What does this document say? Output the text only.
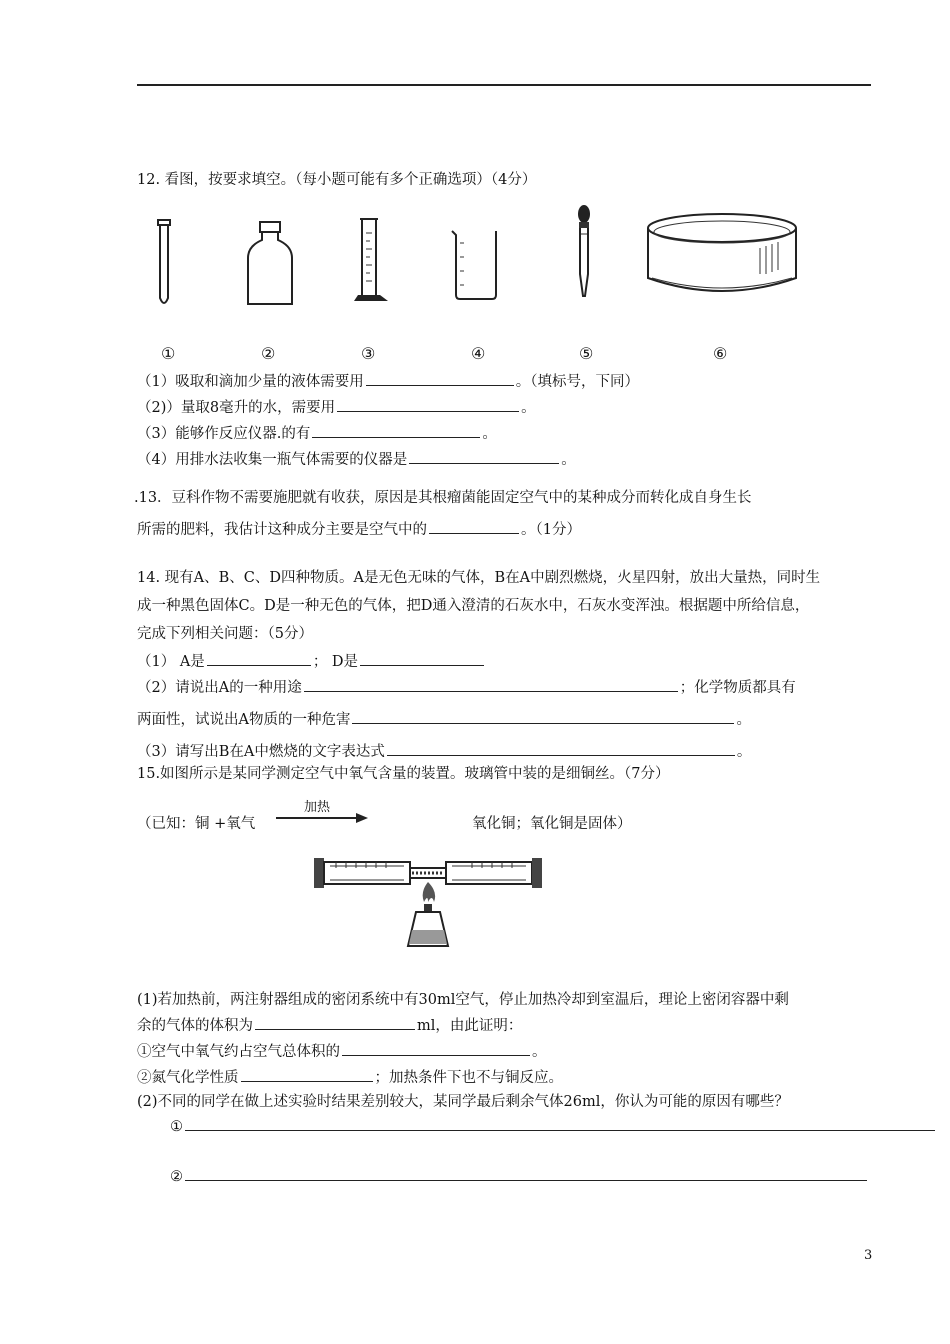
12. 看图，按要求填空。（每小题可能有多个正确选项）（4分）
①	②	③	④	⑤	⑥
（1）吸取和滴加少量的液体需要用	。（填标号，下同）
（2)）量取8毫升的水，需要用	。
（3）能够作反应仪器.的有	。
（4）用排水法收集一瓶气体需要的仪器是	。
.13．豆科作物不需要施肥就有收获，原因是其根瘤菌能固定空气中的某种成分而转化成自身生长
所需的肥料，我估计这种成分主要是空气中的	。（1分）
14. 现有A、B、C、D四种物质。A是无色无味的气体，B在A中剧烈燃烧，火星四射，放出大量热，同时生
成一种黑色固体C。D是一种无色的气体，把D通入澄清的石灰水中，石灰水变浑浊。根据题中所给信息，
完成下列相关问题：（5分）
（1） A是	； D是
（2）请说出A的一种用途	；化学物质都具有
两面性，试说出A物质的一种危害	。
（3）请写出B在A中燃烧的文字表达式	。
15.如图所示是某同学测定空气中氧气含量的装置。玻璃管中装的是细铜丝。（7分）
（已知：铜 +氧气
加热
氧化铜；氧化铜是固体）
(1)若加热前，两注射器组成的密闭系统中有30ml空气，停止加热冷却到室温后，理论上密闭容器中剩
余的气体的体积为	ml，由此证明：
①空气中氧气约占空气总体积的	。
②氮气化学性质	；加热条件下也不与铜反应。
(2)不同的同学在做上述实验时结果差别较大，某同学最后剩余气体26ml，你认为可能的原因有哪些？
①
②
3
